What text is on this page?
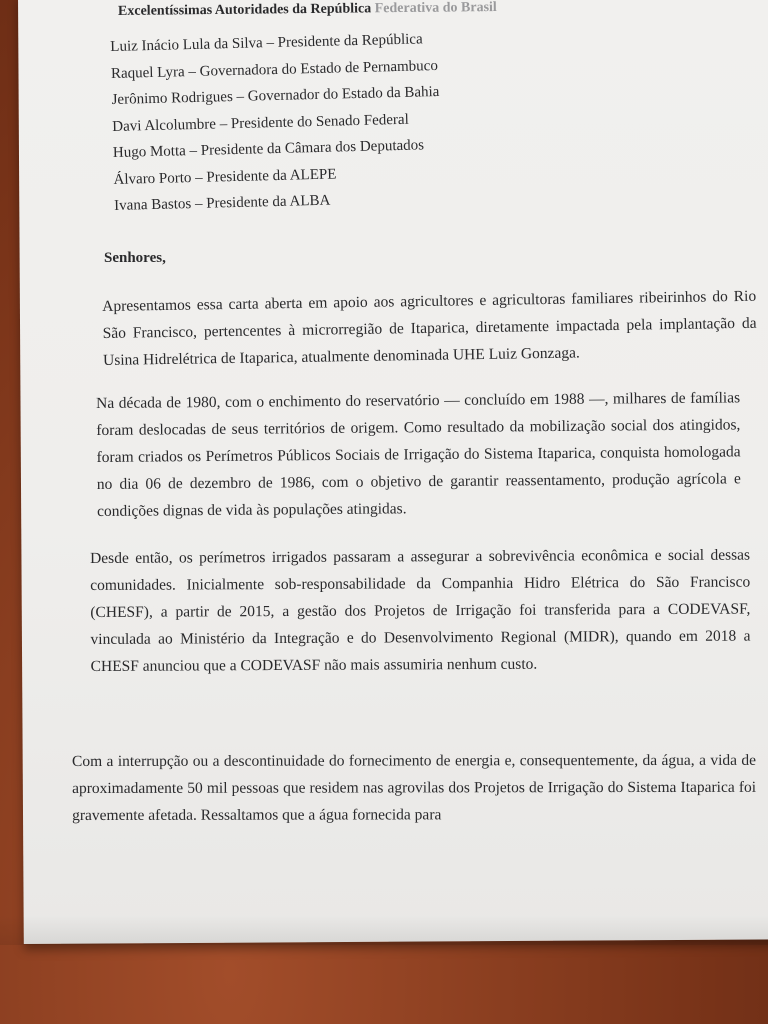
Excelentíssimas Autoridades da República Federativa do Brasil
Luiz Inácio Lula da Silva – Presidente da República
Raquel Lyra – Governadora do Estado de Pernambuco
Jerônimo Rodrigues – Governador do Estado da Bahia
Davi Alcolumbre – Presidente do Senado Federal
Hugo Motta – Presidente da Câmara dos Deputados
Álvaro Porto – Presidente da ALEPE
Ivana Bastos – Presidente da ALBA
Senhores,

Apresentamos essa carta aberta em apoio aos agricultores e agricultoras familiares ribeirinhos do Rio São Francisco, pertencentes à microrregião de Itaparica, diretamente impactada pela implantação da Usina Hidrelétrica de Itaparica, atualmente denominada UHE Luiz Gonzaga.

Na década de 1980, com o enchimento do reservatório — concluído em 1988 —, milhares de famílias foram deslocadas de seus territórios de origem. Como resultado da mobilização social dos atingidos, foram criados os Perímetros Públicos Sociais de Irrigação do Sistema Itaparica, conquista homologada no dia 06 de dezembro de 1986, com o objetivo de garantir reassentamento, produção agrícola e condições dignas de vida às populações atingidas.

Desde então, os perímetros irrigados passaram a assegurar a sobrevivência econômica e social dessas comunidades. Inicialmente sob-responsabilidade da Companhia Hidro Elétrica do São Francisco (CHESF), a partir de 2015, a gestão dos Projetos de Irrigação foi transferida para a CODEVASF, vinculada ao Ministério da Integração e do Desenvolvimento Regional (MIDR), quando em 2018 a CHESF anunciou que a CODEVASF não mais assumiria nenhum custo.

Com a interrupção ou a descontinuidade do fornecimento de energia e, consequentemente, da água, a vida de aproximadamente 50 mil pessoas que residem nas agrovilas dos Projetos de Irrigação do Sistema Itaparica foi gravemente afetada. Ressaltamos que a água fornecida para
